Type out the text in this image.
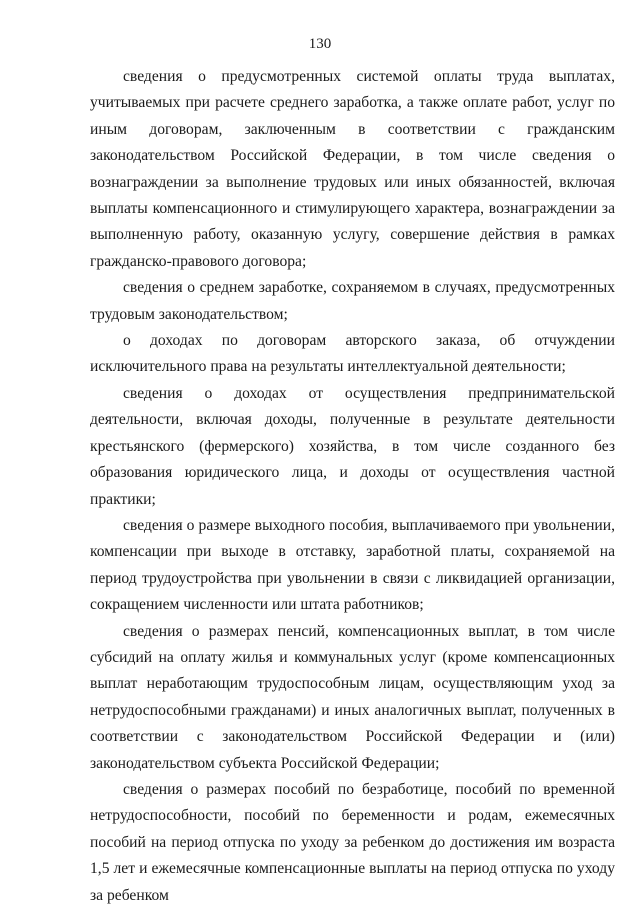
130

сведения о предусмотренных системой оплаты труда выплатах, учитываемых при расчете среднего заработка, а также оплате работ, услуг по иным договорам, заключенным в соответствии с гражданским законодательством Российской Федерации, в том числе сведения о вознаграждении за выполнение трудовых или иных обязанностей, включая выплаты компенсационного и стимулирующего характера, вознаграждении за выполненную работу, оказанную услугу, совершение действия в рамках гражданско-правового договора;

сведения о среднем заработке, сохраняемом в случаях, предусмотренных трудовым законодательством;

о доходах по договорам авторского заказа, об отчуждении исключительного права на результаты интеллектуальной деятельности;

сведения о доходах от осуществления предпринимательской деятельности, включая доходы, полученные в результате деятельности крестьянского (фермерского) хозяйства, в том числе созданного без образования юридического лица, и доходы от осуществления частной практики;

сведения о размере выходного пособия, выплачиваемого при увольнении, компенсации при выходе в отставку, заработной платы, сохраняемой на период трудоустройства при увольнении в связи с ликвидацией организации, сокращением численности или штата работников;

сведения о размерах пенсий, компенсационных выплат, в том числе субсидий на оплату жилья и коммунальных услуг (кроме компенсационных выплат неработающим трудоспособным лицам, осуществляющим уход за нетрудоспособными гражданами) и иных аналогичных выплат, полученных в соответствии с законодательством Российской Федерации и (или) законодательством субъекта Российской Федерации;

сведения о размерах пособий по безработице, пособий по временной нетрудоспособности, пособий по беременности и родам, ежемесячных пособий на период отпуска по уходу за ребенком до достижения им возраста 1,5 лет и ежемесячные компенсационные выплаты на период отпуска по уходу за ребенком
